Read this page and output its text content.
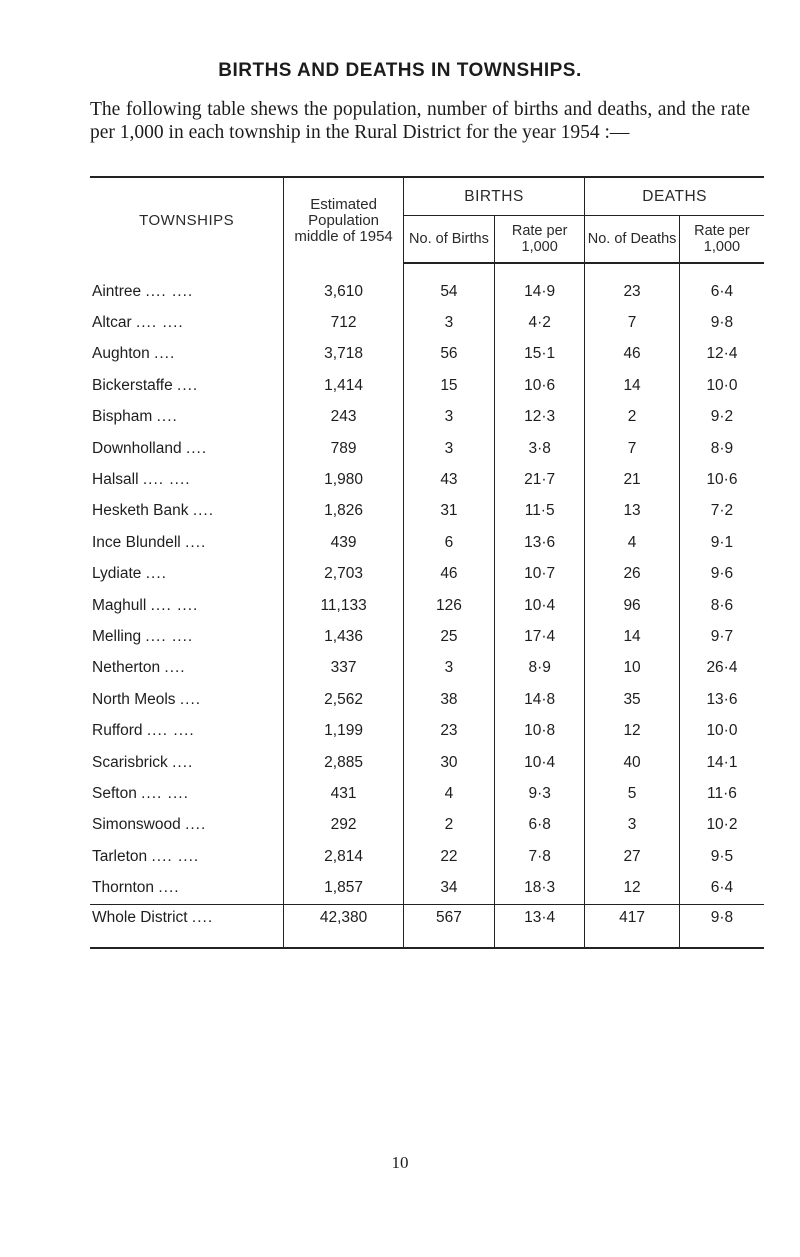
BIRTHS AND DEATHS IN TOWNSHIPS.
The following table shews the population, number of births and deaths, and the rate per 1,000 in each township in the Rural District for the year 1954 :—
TOWNSHIPS	Estimated Population middle of 1954	BIRTHS		DEATHS	
		No. of Births	Rate per 1,000	No. of Deaths	Rate per 1,000

Aintree .... ....	3,610	54	14·9	23	6·4
Altcar .... ....	712	3	4·2	7	9·8
Aughton ....	3,718	56	15·1	46	12·4
Bickerstaffe ....	1,414	15	10·6	14	10·0
Bispham ....	243	3	12·3	2	9·2
Downholland ....	789	3	3·8	7	8·9
Halsall .... ....	1,980	43	21·7	21	10·6
Hesketh Bank ....	1,826	31	11·5	13	7·2
Ince Blundell ....	439	6	13·6	4	9·1
Lydiate ....	2,703	46	10·7	26	9·6
Maghull .... ....	11,133	126	10·4	96	8·6
Melling .... ....	1,436	25	17·4	14	9·7
Netherton ....	337	3	8·9	10	26·4
North Meols ....	2,562	38	14·8	35	13·6
Rufford .... ....	1,199	23	10·8	12	10·0
Scarisbrick ....	2,885	30	10·4	40	14·1
Sefton .... ....	431	4	9·3	5	11·6
Simonswood ....	292	2	6·8	3	10·2
Tarleton .... ....	2,814	22	7·8	27	9·5
Thornton ....	1,857	34	18·3	12	6·4
Whole District ....	42,380	567	13·4	417	9·8

10
